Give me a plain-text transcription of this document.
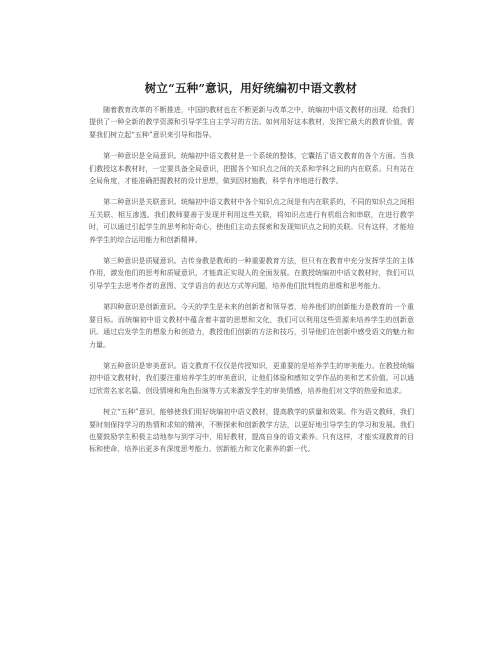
树立“五种”意识，用好统编初中语文教材

随着教育改革的不断推进，中国的教材也在不断更新与改革之中，统编初中语文教材的出现，给我们提供了一种全新的教学资源和引导学生自主学习的方法。如何用好这本教材，发挥它最大的教育价值，需要我们树立起“五种”意识来引导和指导。

第一种意识是全局意识。统编初中语文教材是一个系统的整体，它囊括了语文教育的各个方面。当我们教授这本教材时，一定要具备全局意识，把握各个知识点之间的关系和学科之间的内在联系。只有站在全局角度，才能准确把握教材的设计思想，做到因材施教，科学有序地进行教学。

第二种意识是关联意识。统编初中语文教材中各个知识点之间是有内在联系的，不同的知识点之间相互关联、相互渗透。我们教师要善于发现并利用这些关联，将知识点进行有机组合和串联，在进行教学时，可以通过引起学生的思考和好奇心，使他们主动去探索和发现知识点之间的关联。只有这样，才能培养学生的综合运用能力和创新精神。

第三种意识是质疑意识。吉传身教是教师的一种重要教育方法，但只有在教育中充分发挥学生的主体作用，激发他们的思考和质疑意识，才能真正实现人的全面发展。在教授统编初中语文教材时，我们可以引导学生去思考作者的意图、文学语言的表达方式等问题，培养他们批判性的思维和思考能力。

第四种意识是创新意识。今天的学生是未来的创新者和领导者，培养他们的创新能力是教育的一个重要目标。而统编初中语文教材中蕴含着丰富的思想和文化，我们可以利用这些资源来培养学生的创新意识。通过启发学生的想象力和创造力，教授他们创新的方法和技巧，引导他们在创新中感受语文的魅力和力量。

第五种意识是审美意识。语文教育不仅仅是传授知识，更重要的是培养学生的审美能力。在教授统编初中语文教材时，我们要注重培养学生的审美意识，让他们体验和感知文学作品的美和艺术价值。可以通过欣赏名家名篇、创设情境和角色扮演等方式来激发学生的审美情感，培养他们对文学的热爱和追求。

树立“五种”意识，能够使我们用好统编初中语文教材，提高教学的质量和效果。作为语文教师，我们要时刻保持学习的热情和求知的精神，不断探索和创新教学方法，以更好地引导学生的学习和发展。我们也要鼓励学生积极主动地参与到学习中，用好教材，提高自身的语文素养。只有这样，才能实现教育的目标和使命，培养出更多有深度思考能力、创新能力和文化素养的新一代。
